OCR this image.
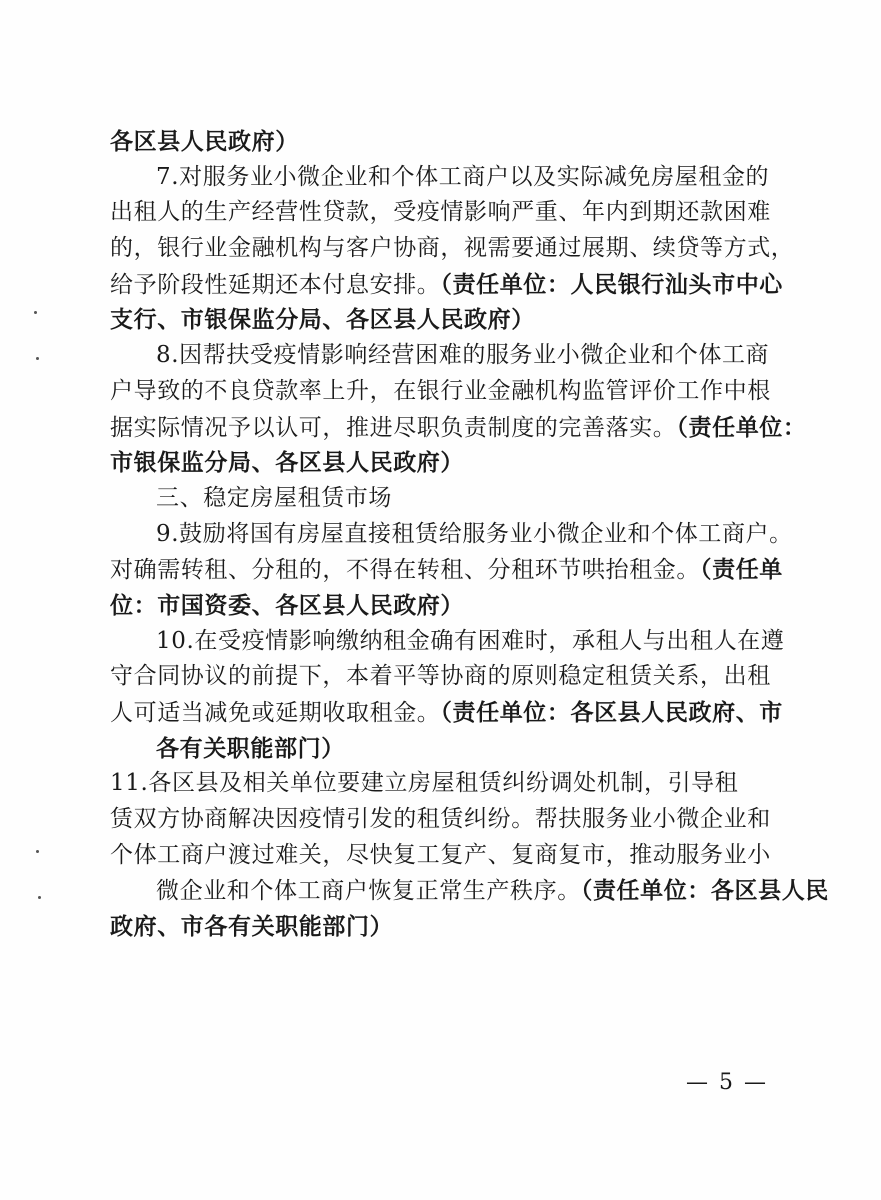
各区县人民政府）
7.对服务业小微企业和个体工商户以及实际减免房屋租金的
出租人的生产经营性贷款，受疫情影响严重、年内到期还款困难
的，银行业金融机构与客户协商，视需要通过展期、续贷等方式，
给予阶段性延期还本付息安排。（责任单位：人民银行汕头市中心
支行、市银保监分局、各区县人民政府）
8.因帮扶受疫情影响经营困难的服务业小微企业和个体工商
户导致的不良贷款率上升，在银行业金融机构监管评价工作中根
据实际情况予以认可，推进尽职负责制度的完善落实。（责任单位：
市银保监分局、各区县人民政府）
三、稳定房屋租赁市场
9.鼓励将国有房屋直接租赁给服务业小微企业和个体工商户。
对确需转租、分租的，不得在转租、分租环节哄抬租金。（责任单
位：市国资委、各区县人民政府）
10.在受疫情影响缴纳租金确有困难时，承租人与出租人在遵
守合同协议的前提下，本着平等协商的原则稳定租赁关系，出租
人可适当减免或延期收取租金。（责任单位：各区县人民政府、市
各有关职能部门）
11.各区县及相关单位要建立房屋租赁纠纷调处机制，引导租
赁双方协商解决因疫情引发的租赁纠纷。帮扶服务业小微企业和
个体工商户渡过难关，尽快复工复产、复商复市，推动服务业小
微企业和个体工商户恢复正常生产秩序。（责任单位：各区县人民
政府、市各有关职能部门）
— 5 —
